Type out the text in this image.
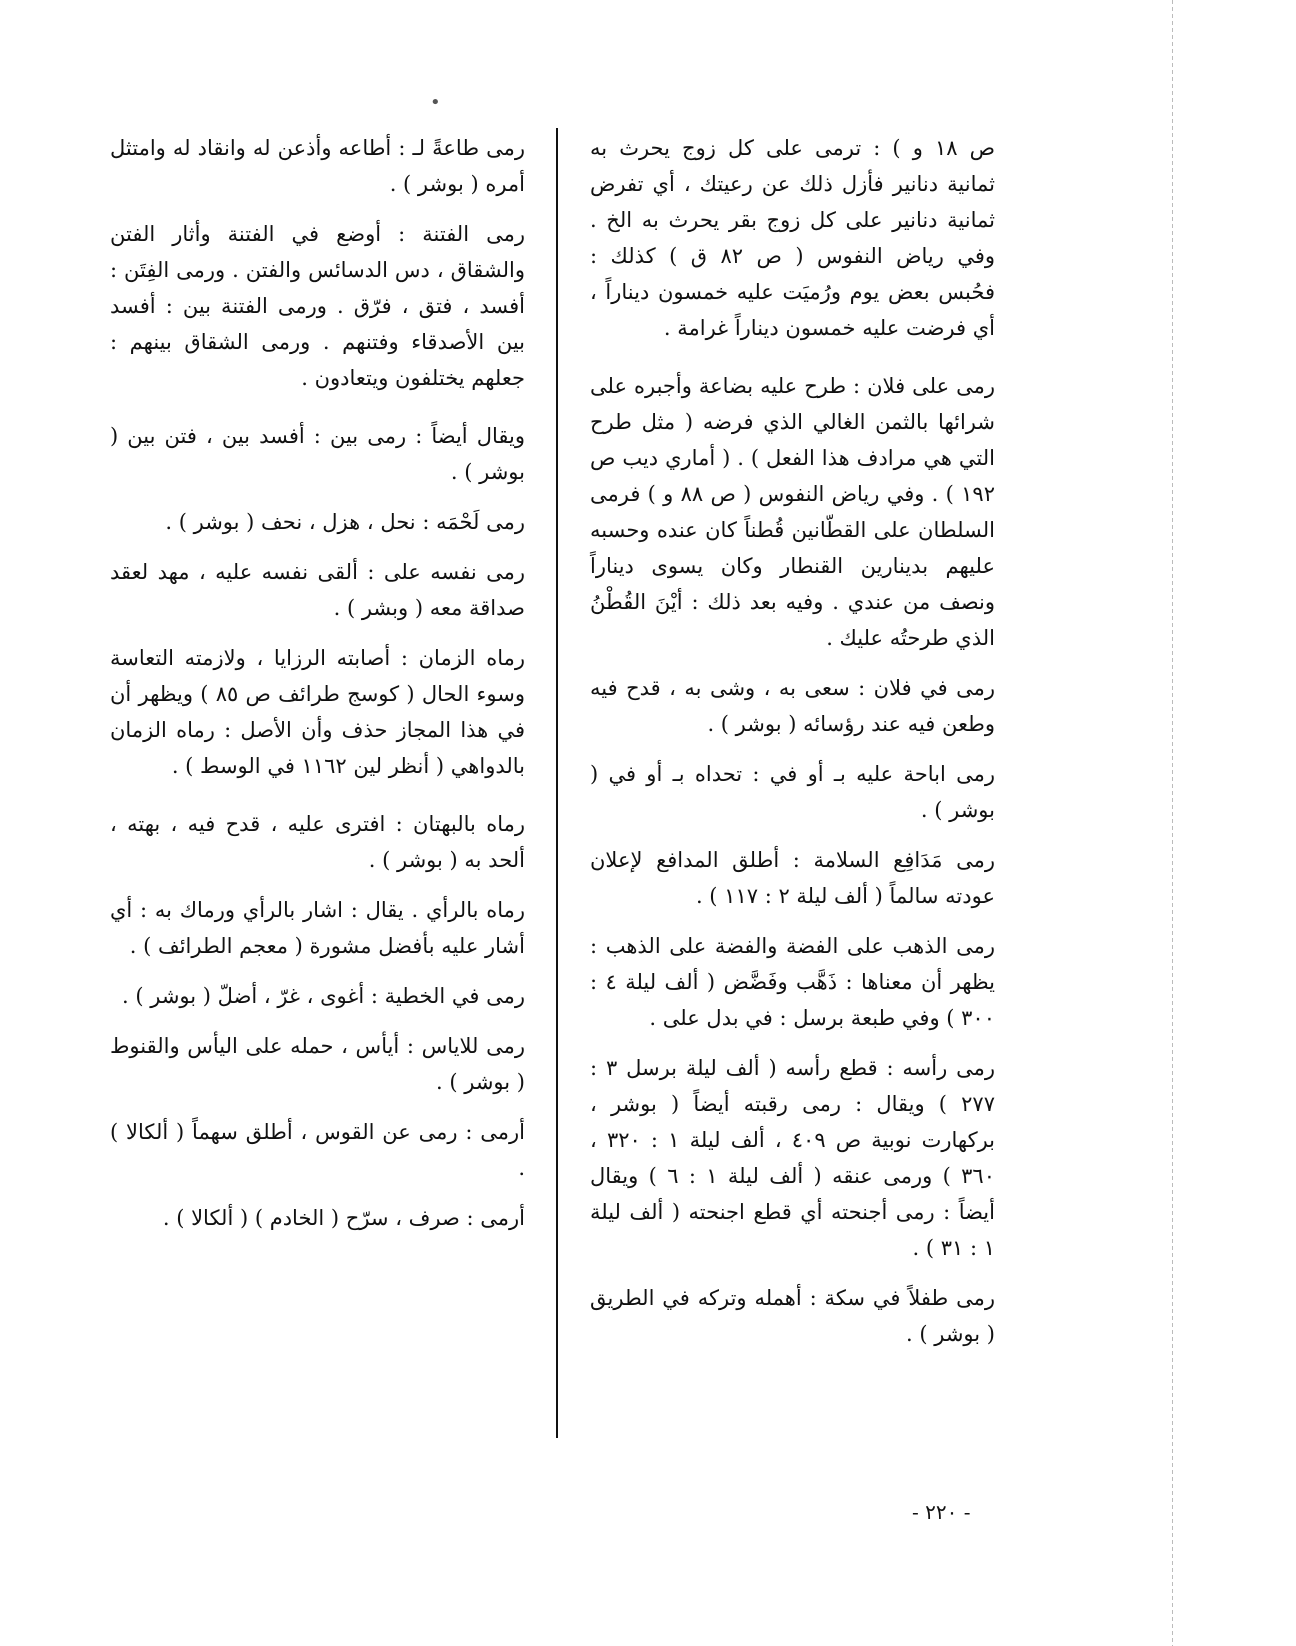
•

ص ١٨ و ) : ترمى على كل زوج يحرث به ثمانية دنانير فأزل ذلك عن رعيتك ، أي تفرض ثمانية دنانير على كل زوج بقر يحرث به الخ . وفي رياض النفوس ( ص ٨٢ ق ) كذلك : فحُبس بعض يوم ورُميَت عليه خمسون ديناراً ، أي فرضت عليه خمسون ديناراً غرامة .

رمى على فلان : طرح عليه بضاعة وأجبره على شرائها بالثمن الغالي الذي فرضه ( مثل طرح التي هي مرادف هذا الفعل ) . ( أماري ديب ص ١٩٢ ) . وفي رياض النفوس ( ص ٨٨ و ) فرمى السلطان على القطّانين قُطناً كان عنده وحسبه عليهم بدينارين القنطار وكان يسوى ديناراً ونصف من عندي . وفيه بعد ذلك : أيْنَ القُطْنُ الذي طرحتُه عليك .

رمى في فلان : سعى به ، وشى به ، قدح فيه وطعن فيه عند رؤسائه ( بوشر ) .

رمى اباحة عليه بـ أو في : تحداه بـ أو في ( بوشر ) .

رمى مَدَافِع السلامة : أطلق المدافع لإعلان عودته سالماً ( ألف ليلة ٢ : ١١٧ ) .

رمى الذهب على الفضة والفضة على الذهب : يظهر أن معناها : ذَهَّب وفَضَّض ( ألف ليلة ٤ : ٣٠٠ ) وفي طبعة برسل : في بدل على .

رمى رأسه : قطع رأسه ( ألف ليلة برسل ٣ : ٢٧٧ ) ويقال : رمى رقبته أيضاً ( بوشر ، بركهارت نوبية ص ٤٠٩ ، ألف ليلة ١ : ٣٢٠ ، ٣٦٠ ) ورمى عنقه ( ألف ليلة ١ : ٦ ) ويقال أيضاً : رمى أجنحته أي قطع اجنحته ( ألف ليلة ١ : ٣١ ) .

رمى طفلاً في سكة : أهمله وتركه في الطريق ( بوشر ) .

رمى طاعةً لـ : أطاعه وأذعن له وانقاد له وامتثل أمره ( بوشر ) .

رمى الفتنة : أوضع في الفتنة وأثار الفتن والشقاق ، دس الدسائس والفتن . ورمى الفِتَن : أفسد ، فتق ، فرّق . ورمى الفتنة بين : أفسد بين الأصدقاء وفتنهم . ورمى الشقاق بينهم : جعلهم يختلفون ويتعادون .

ويقال أيضاً : رمى بين : أفسد بين ، فتن بين ( بوشر ) .

رمى لَحْمَه : نحل ، هزل ، نحف ( بوشر ) .

رمى نفسه على : ألقى نفسه عليه ، مهد لعقد صداقة معه ( وبشر ) .

رماه الزمان : أصابته الرزايا ، ولازمته التعاسة وسوء الحال ( كوسج طرائف ص ٨٥ ) ويظهر أن في هذا المجاز حذف وأن الأصل : رماه الزمان بالدواهي ( أنظر لين ١١٦٢ في الوسط ) .

رماه بالبهتان : افترى عليه ، قدح فيه ، بهته ، ألحد به ( بوشر ) .

رماه بالرأي . يقال : اشار بالرأي ورماك به : أي أشار عليه بأفضل مشورة ( معجم الطرائف ) .

رمى في الخطية : أغوى ، غرّ ، أضلّ ( بوشر ) .

رمى للاياس : أيأس ، حمله على اليأس والقنوط ( بوشر ) .

أرمى : رمى عن القوس ، أطلق سهماً ( ألكالا ) .

أرمى : صرف ، سرّح ( الخادم ) ( ألكالا ) .

- ٢٢٠ -
